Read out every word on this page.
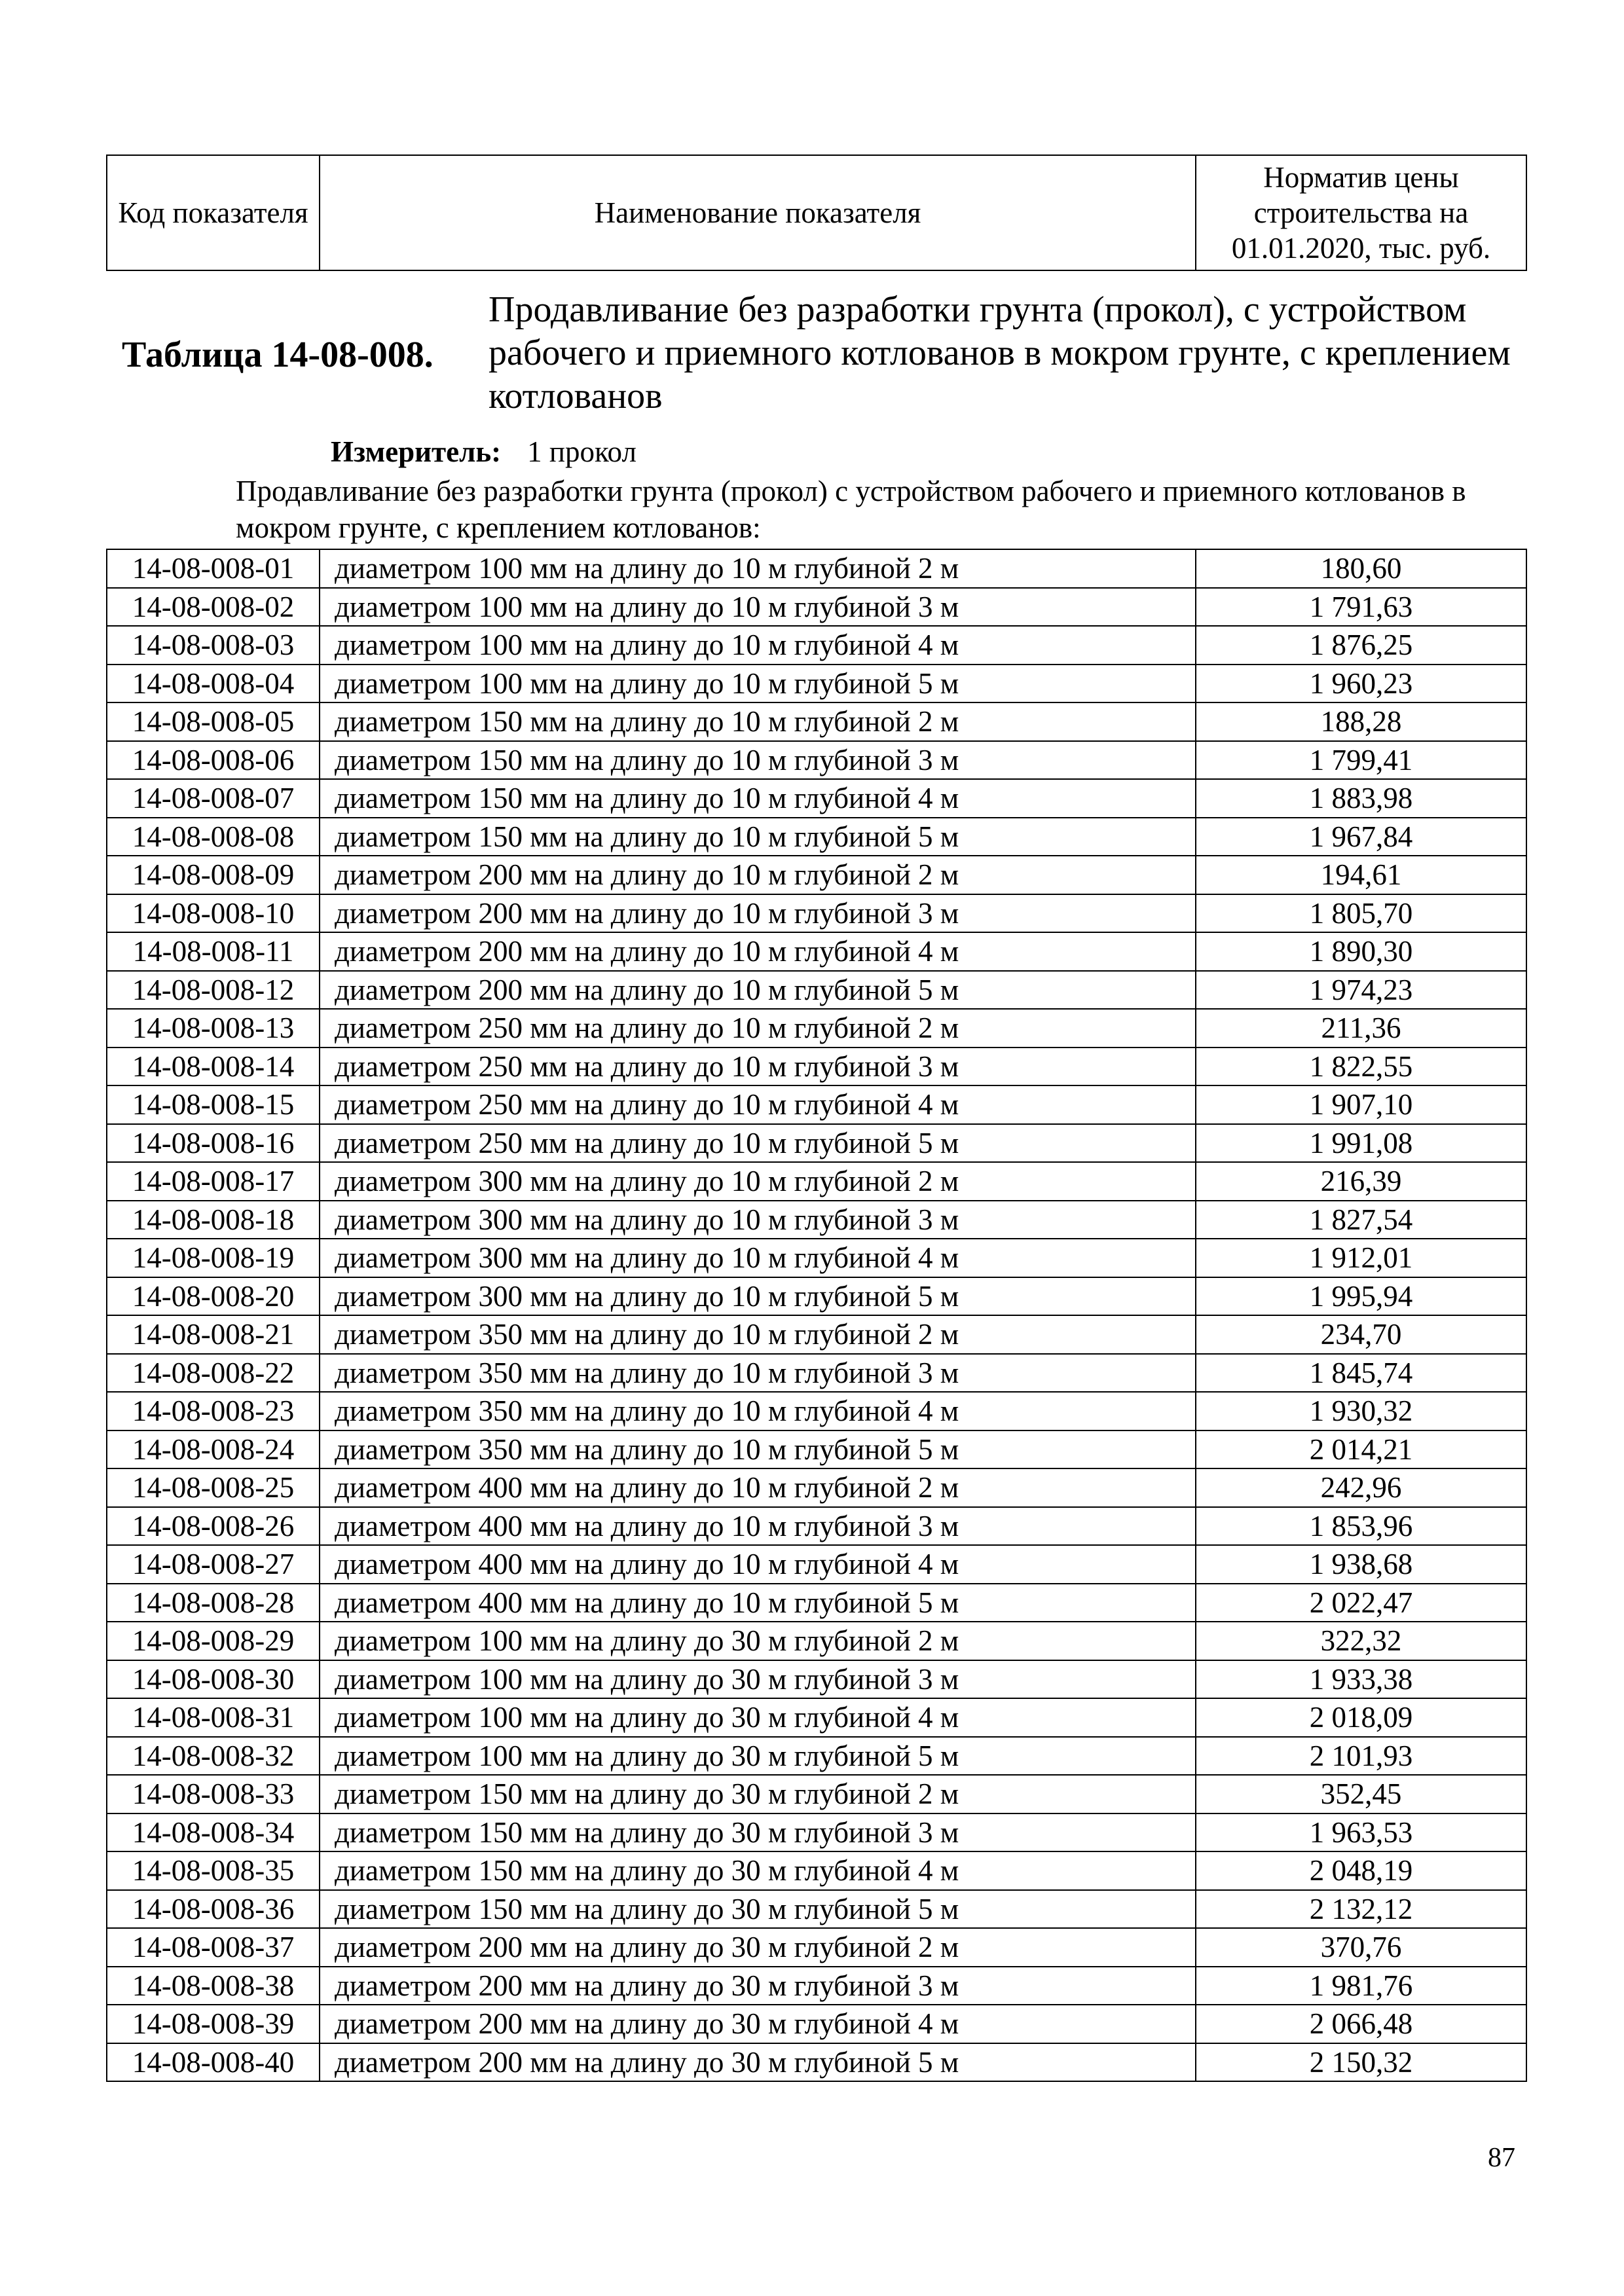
Код показателя	Наименование показателя	Норматив цены строительства на 01.01.2020, тыс. руб.
Таблица 14-08-008.
Продавливание без разработки грунта (прокол), с устройством рабочего и приемного котлованов в мокром грунте, с креплением котлованов
Измеритель: 1 прокол
Продавливание без разработки грунта (прокол) с устройством рабочего и приемного котлованов в мокром грунте, с креплением котлованов:
14-08-008-01	диаметром 100 мм на длину до 10 м глубиной 2 м	180,60
14-08-008-02	диаметром 100 мм на длину до 10 м глубиной 3 м	1 791,63
14-08-008-03	диаметром 100 мм на длину до 10 м глубиной 4 м	1 876,25
14-08-008-04	диаметром 100 мм на длину до 10 м глубиной 5 м	1 960,23
14-08-008-05	диаметром 150 мм на длину до 10 м глубиной 2 м	188,28
14-08-008-06	диаметром 150 мм на длину до 10 м глубиной 3 м	1 799,41
14-08-008-07	диаметром 150 мм на длину до 10 м глубиной 4 м	1 883,98
14-08-008-08	диаметром 150 мм на длину до 10 м глубиной 5 м	1 967,84
14-08-008-09	диаметром 200 мм на длину до 10 м глубиной 2 м	194,61
14-08-008-10	диаметром 200 мм на длину до 10 м глубиной 3 м	1 805,70
14-08-008-11	диаметром 200 мм на длину до 10 м глубиной 4 м	1 890,30
14-08-008-12	диаметром 200 мм на длину до 10 м глубиной 5 м	1 974,23
14-08-008-13	диаметром 250 мм на длину до 10 м глубиной 2 м	211,36
14-08-008-14	диаметром 250 мм на длину до 10 м глубиной 3 м	1 822,55
14-08-008-15	диаметром 250 мм на длину до 10 м глубиной 4 м	1 907,10
14-08-008-16	диаметром 250 мм на длину до 10 м глубиной 5 м	1 991,08
14-08-008-17	диаметром 300 мм на длину до 10 м глубиной 2 м	216,39
14-08-008-18	диаметром 300 мм на длину до 10 м глубиной 3 м	1 827,54
14-08-008-19	диаметром 300 мм на длину до 10 м глубиной 4 м	1 912,01
14-08-008-20	диаметром 300 мм на длину до 10 м глубиной 5 м	1 995,94
14-08-008-21	диаметром 350 мм на длину до 10 м глубиной 2 м	234,70
14-08-008-22	диаметром 350 мм на длину до 10 м глубиной 3 м	1 845,74
14-08-008-23	диаметром 350 мм на длину до 10 м глубиной 4 м	1 930,32
14-08-008-24	диаметром 350 мм на длину до 10 м глубиной 5 м	2 014,21
14-08-008-25	диаметром 400 мм на длину до 10 м глубиной 2 м	242,96
14-08-008-26	диаметром 400 мм на длину до 10 м глубиной 3 м	1 853,96
14-08-008-27	диаметром 400 мм на длину до 10 м глубиной 4 м	1 938,68
14-08-008-28	диаметром 400 мм на длину до 10 м глубиной 5 м	2 022,47
14-08-008-29	диаметром 100 мм на длину до 30 м глубиной 2 м	322,32
14-08-008-30	диаметром 100 мм на длину до 30 м глубиной 3 м	1 933,38
14-08-008-31	диаметром 100 мм на длину до 30 м глубиной 4 м	2 018,09
14-08-008-32	диаметром 100 мм на длину до 30 м глубиной 5 м	2 101,93
14-08-008-33	диаметром 150 мм на длину до 30 м глубиной 2 м	352,45
14-08-008-34	диаметром 150 мм на длину до 30 м глубиной 3 м	1 963,53
14-08-008-35	диаметром 150 мм на длину до 30 м глубиной 4 м	2 048,19
14-08-008-36	диаметром 150 мм на длину до 30 м глубиной 5 м	2 132,12
14-08-008-37	диаметром 200 мм на длину до 30 м глубиной 2 м	370,76
14-08-008-38	диаметром 200 мм на длину до 30 м глубиной 3 м	1 981,76
14-08-008-39	диаметром 200 мм на длину до 30 м глубиной 4 м	2 066,48
14-08-008-40	диаметром 200 мм на длину до 30 м глубиной 5 м	2 150,32
87
